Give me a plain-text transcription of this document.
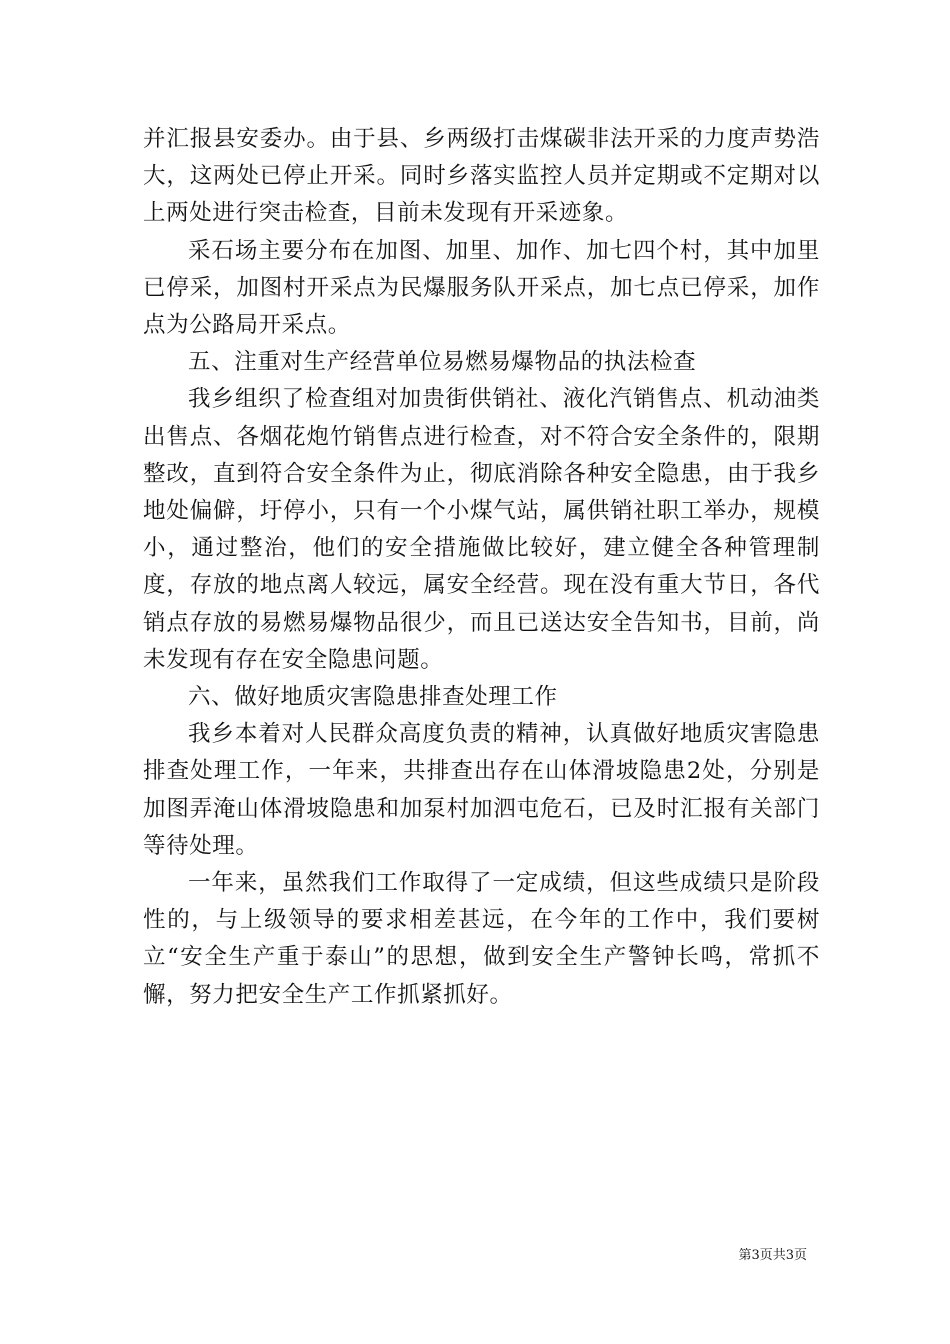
并汇报县安委办。由于县、乡两级打击煤碳非法开采的力度声势浩大，这两处已停止开采。同时乡落实监控人员并定期或不定期对以上两处进行突击检查，目前未发现有开采迹象。

采石场主要分布在加图、加里、加作、加七四个村，其中加里已停采，加图村开采点为民爆服务队开采点，加七点已停采，加作点为公路局开采点。

五、注重对生产经营单位易燃易爆物品的执法检查

我乡组织了检查组对加贵街供销社、液化汽销售点、机动油类出售点、各烟花炮竹销售点进行检查，对不符合安全条件的，限期整改，直到符合安全条件为止，彻底消除各种安全隐患，由于我乡地处偏僻，圩停小，只有一个小煤气站，属供销社职工举办，规模小，通过整治，他们的安全措施做比较好，建立健全各种管理制度，存放的地点离人较远，属安全经营。现在没有重大节日，各代销点存放的易燃易爆物品很少，而且已送达安全告知书，目前，尚未发现有存在安全隐患问题。

六、做好地质灾害隐患排查处理工作

我乡本着对人民群众高度负责的精神，认真做好地质灾害隐患排查处理工作，一年来，共排查出存在山体滑坡隐患2处，分别是加图弄淹山体滑坡隐患和加泵村加泗屯危石，已及时汇报有关部门等待处理。

一年来，虽然我们工作取得了一定成绩，但这些成绩只是阶段性的，与上级领导的要求相差甚远，在今年的工作中，我们要树立“安全生产重于泰山”的思想，做到安全生产警钟长鸣，常抓不懈，努力把安全生产工作抓紧抓好。

第3页共3页
